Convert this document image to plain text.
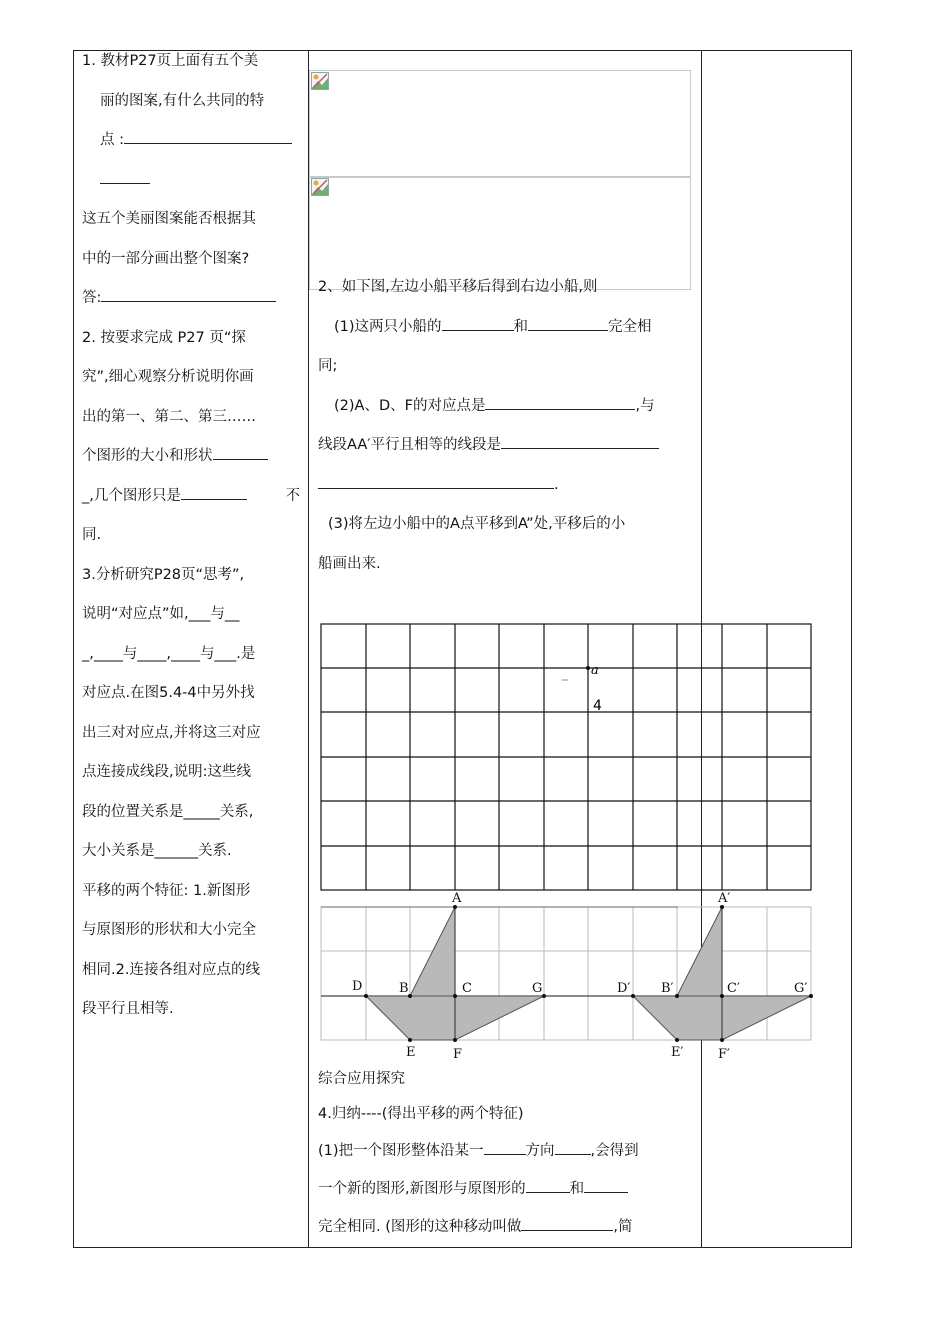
1. 教材P27页上面有五个美

丽的图案,有什么共同的特

点 :

这五个美丽图案能否根据其

中的一部分画出整个图案?

答:

2. 按要求完成 P27 页“探

究”,细心观察分析说明你画

出的第一、第二、第三……

个图形的大小和形状

_,几个图形只是	不

同.

3.分析研究P28页“思考”,

说明“对应点”如,___与__

_,____与____,____与___.是

对应点.在图5.4-4中另外找

出三对对应点,并将这三对应

点连接成线段,说明:这些线

段的位置关系是_____关系,

大小关系是______关系.

平移的两个特征: 1.新图形

与原图形的形状和大小完全

相同.2.连接各组对应点的线

段平行且相等.

2、如下图,左边小船平移后得到右边小船,则

(1)这两只小船的	和	完全相

同;

(2)A、D、F的对应点是	,与

线段AA′平行且相等的线段是

.

(3)将左边小船中的A点平移到A”处,平移后的小

船画出来.

a
4
A
D	B	C	G
E	F
A′
D′ B′	C′	G′
E′	F′

综合应用探究

4.归纳----(得出平移的两个特征)

(1)把一个图形整体沿某一	方向 ,会得到

一个新的图形,新图形与原图形的	和

完全相同. (图形的这种移动叫做	,简
